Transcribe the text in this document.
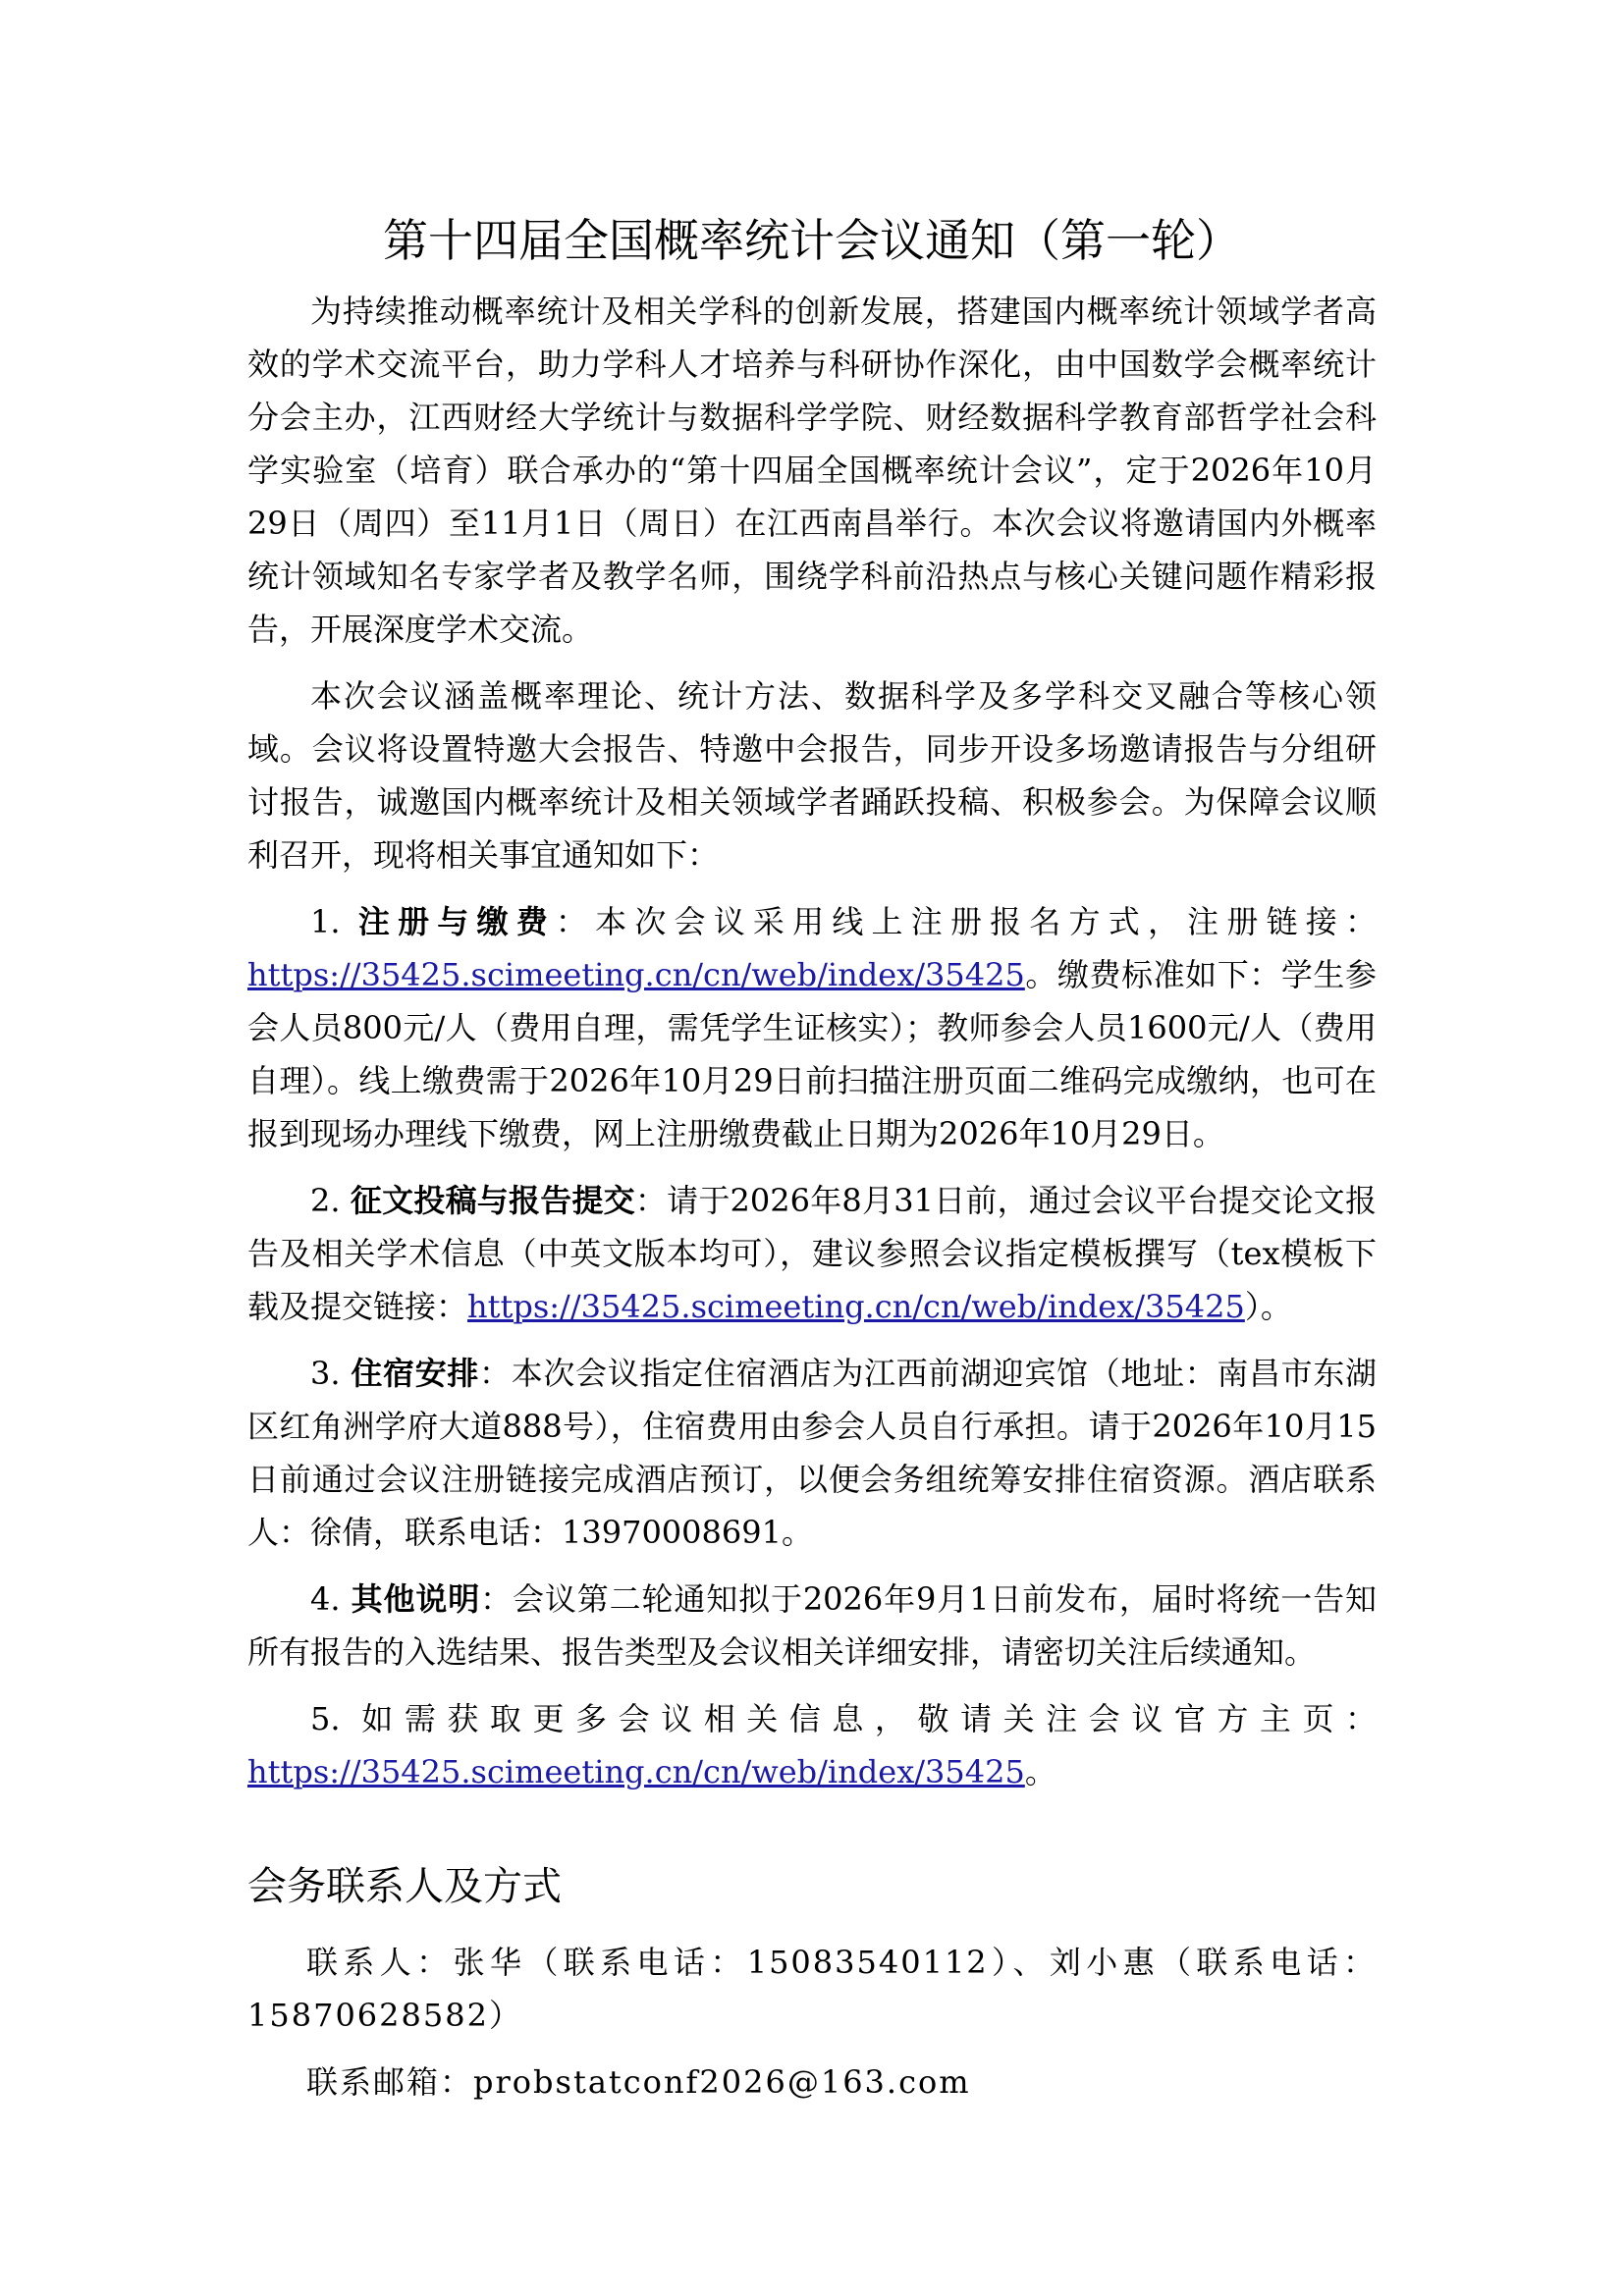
第十四届全国概率统计会议通知（第一轮）

为持续推动概率统计及相关学科的创新发展，搭建国内概率统计领域学者高效的学术交流平台，助力学科人才培养与科研协作深化，由中国数学会概率统计分会主办，江西财经大学统计与数据科学学院、财经数据科学教育部哲学社会科学实验室（培育）联合承办的“第十四届全国概率统计会议”，定于2026年10月29日（周四）至11月1日（周日）在江西南昌举行。本次会议将邀请国内外概率统计领域知名专家学者及教学名师，围绕学科前沿热点与核心关键问题作精彩报告，开展深度学术交流。

本次会议涵盖概率理论、统计方法、数据科学及多学科交叉融合等核心领域。会议将设置特邀大会报告、特邀中会报告，同步开设多场邀请报告与分组研讨报告，诚邀国内概率统计及相关领域学者踊跃投稿、积极参会。为保障会议顺利召开，现将相关事宜通知如下：

1. 注册与缴费：本次会议采用线上注册报名方式，注册链接：https://35425.scimeeting.cn/cn/web/index/35425。缴费标准如下：学生参会人员800元/人（费用自理，需凭学生证核实）；教师参会人员1600元/人（费用自理）。线上缴费需于2026年10月29日前扫描注册页面二维码完成缴纳，也可在报到现场办理线下缴费，网上注册缴费截止日期为2026年10月29日。

2. 征文投稿与报告提交：请于2026年8月31日前，通过会议平台提交论文报告及相关学术信息（中英文版本均可），建议参照会议指定模板撰写（tex模板下载及提交链接：https://35425.scimeeting.cn/cn/web/index/35425）。

3. 住宿安排：本次会议指定住宿酒店为江西前湖迎宾馆（地址：南昌市东湖区红角洲学府大道888号），住宿费用由参会人员自行承担。请于2026年10月15日前通过会议注册链接完成酒店预订，以便会务组统筹安排住宿资源。酒店联系人：徐倩，联系电话：13970008691。

4. 其他说明：会议第二轮通知拟于2026年9月1日前发布，届时将统一告知所有报告的入选结果、报告类型及会议相关详细安排，请密切关注后续通知。

5. 如需获取更多会议相关信息，敬请关注会议官方主页：https://35425.scimeeting.cn/cn/web/index/35425。

会务联系人及方式

联系人：张华（联系电话：15083540112）、刘小惠（联系电话：15870628582）

联系邮箱：probstatconf2026@163.com
